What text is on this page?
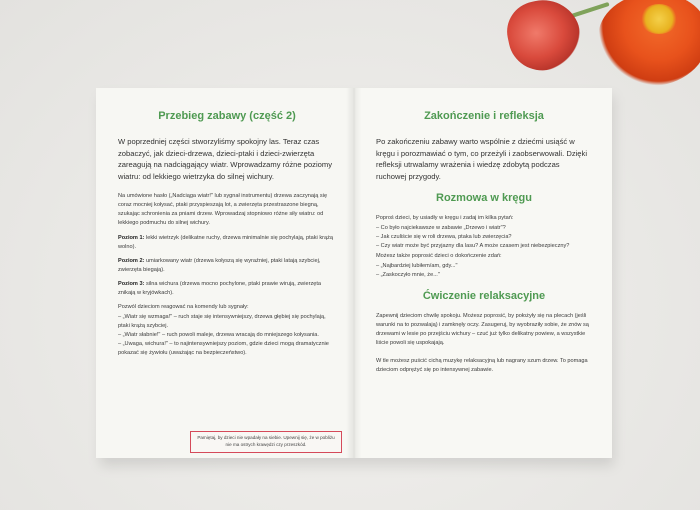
Przebieg zabawy (część 2)

W poprzedniej części stworzyliśmy spokojny las. Teraz czas zobaczyć, jak dzieci-drzewa, dzieci-ptaki i dzieci-zwierzęta zareagują na nadciągający wiatr. Wprowadzamy różne poziomy wiatru: od lekkiego wietrzyka do silnej wichury.

Na umówione hasło („Nadciąga wiatr!" lub sygnał instrumentu) drzewa zaczynają się coraz mocniej kołysać, ptaki przyspieszają lot, a zwierzęta przestraszone biegną, szukając schronienia za pniami drzew. Wprowadzaj stopniowo różne siły wiatru: od lekkiego podmuchu do silnej wichury.

Poziom 1: lekki wietrzyk (delikatne ruchy, drzewa minimalnie się pochylają, ptaki krążą wolno).

Poziom 2: umiarkowany wiatr (drzewa kołyszą się wyraźniej, ptaki latają szybciej, zwierzęta biegają).

Poziom 3: silna wichura (drzewa mocno pochylone, ptaki prawie wirują, zwierzęta znikają w kryjówkach).

Pozwól dzieciom reagować na komendy lub sygnały:

– „Wiatr się wzmaga!" – ruch staje się intensywniejszy, drzewa głębiej się pochylają, ptaki krążą szybciej.
– „Wiatr słabnie!" – ruch powoli maleje, drzewa wracają do mniejszego kołysania.
– „Uwaga, wichura!" – to najintensywniejszy poziom, gdzie dzieci mogą dramatycznie pokazać się żywiołu (uważając na bezpieczeństwo).
Zakończenie i refleksja

Po zakończeniu zabawy warto wspólnie z dziećmi usiąść w kręgu i porozmawiać o tym, co przeżyli i zaobserwowali. Dzięki refleksji utrwalamy wrażenia i wiedzę zdobytą podczas ruchowej przygody.

Rozmowa w kręgu

Poproś dzieci, by usiadły w kręgu i zadaj im kilka pytań:

– Co było najciekawsze w zabawie „Drzewo i wiatr"?
– Jak czuliście się w roli drzewa, ptaka lub zwierzęcia?
– Czy wiatr może być przyjazny dla lasu? A może czasem jest niebezpieczny?

Możesz także poprosić dzieci o dokończenie zdań:

– „Najbardziej lubiłem/am, gdy..."
– „Zaskoczyło mnie, że..."
Ćwiczenie relaksacyjne

Zapewnij dzieciom chwilę spokoju. Możesz poprosić, by położyły się na plecach (jeśli warunki na to pozwalają) i zamknęły oczy. Zasugeruj, by wyobraziły sobie, że znów są drzewami w lesie po przejściu wichury – czuć już tylko delikatny powiew, a wszystkie liście powoli się uspokajają.

W tle możesz puścić cichą muzykę relaksacyjną lub nagrany szum drzew. To pomaga dzieciom odprężyć się po intensywnej zabawie.

Pamiętaj, by dzieci nie wpadały na siebie. Upewnij się, że w pobliżu nie ma ostrych krawędzi czy przeszkód.
